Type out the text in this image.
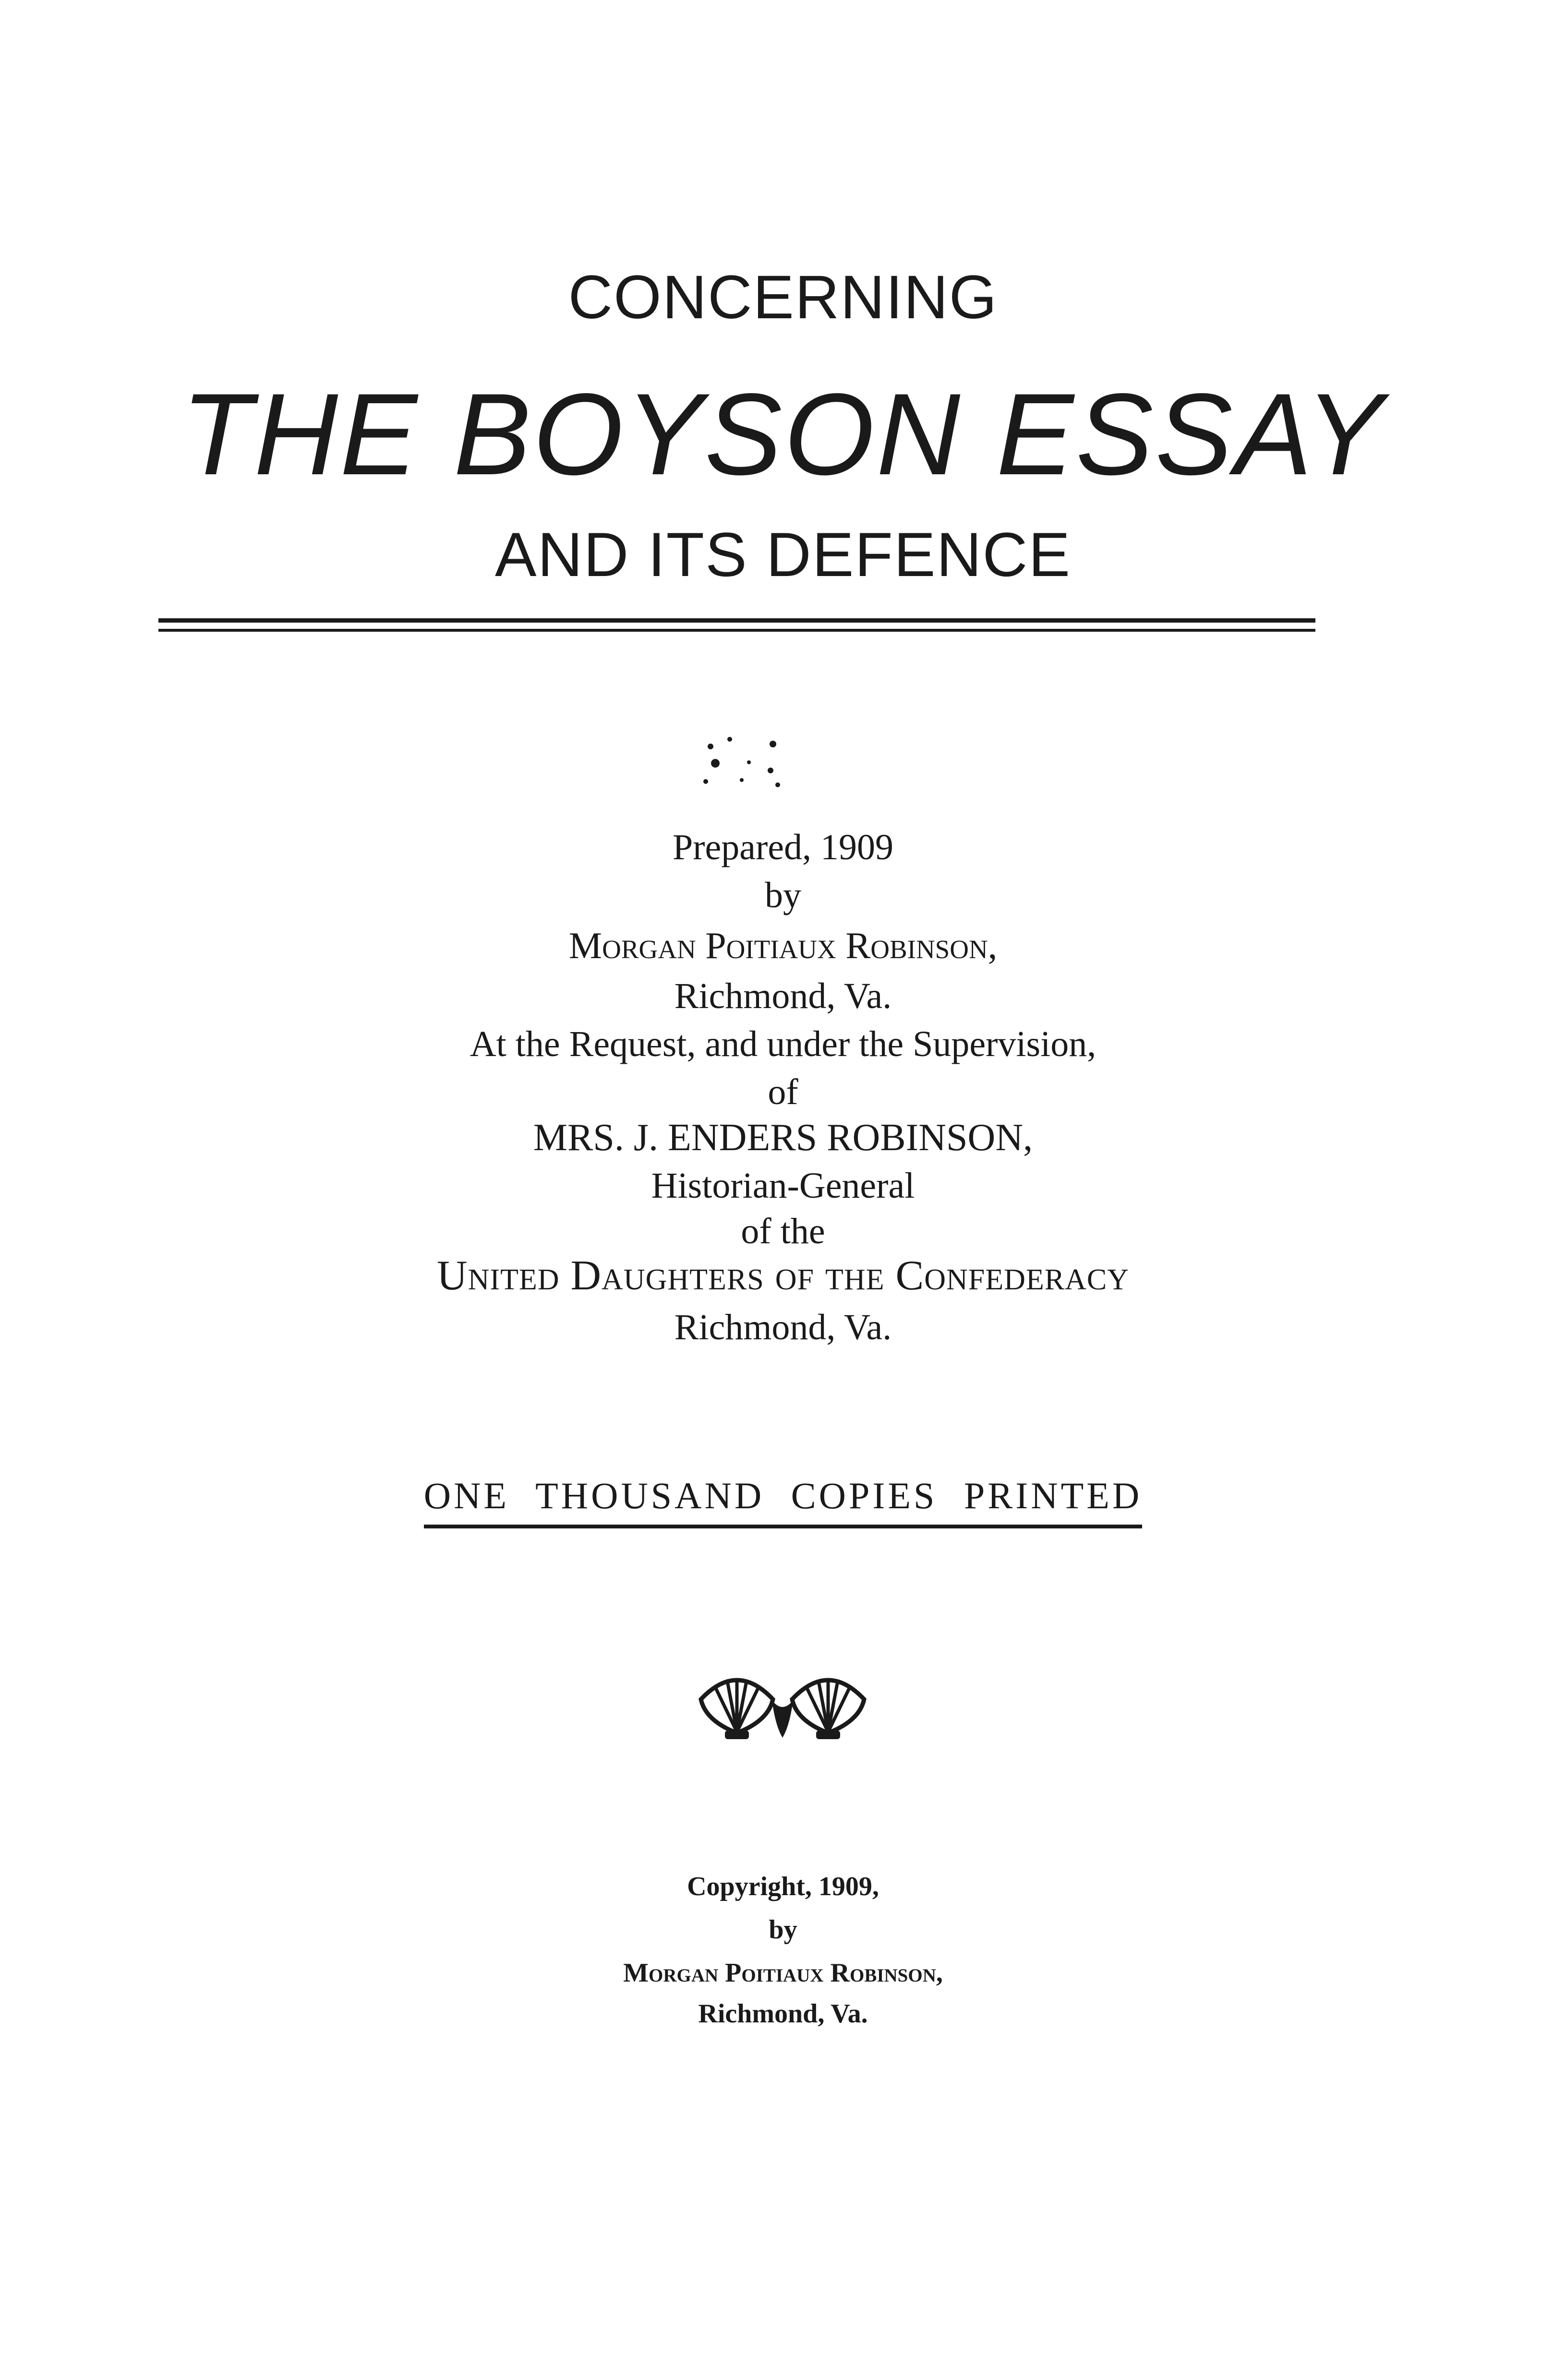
CONCERNING

THE BOYSON ESSAY

AND ITS DEFENCE

Prepared, 1909

by

Morgan Poitiaux Robinson,

Richmond, Va.

At the Request, and under the Supervision,

of

MRS. J. ENDERS ROBINSON,

Historian-General

of the

United Daughters of the Confederacy

Richmond, Va.

ONE THOUSAND COPIES PRINTED

Copyright, 1909,

by

Morgan Poitiaux Robinson,

Richmond, Va.
